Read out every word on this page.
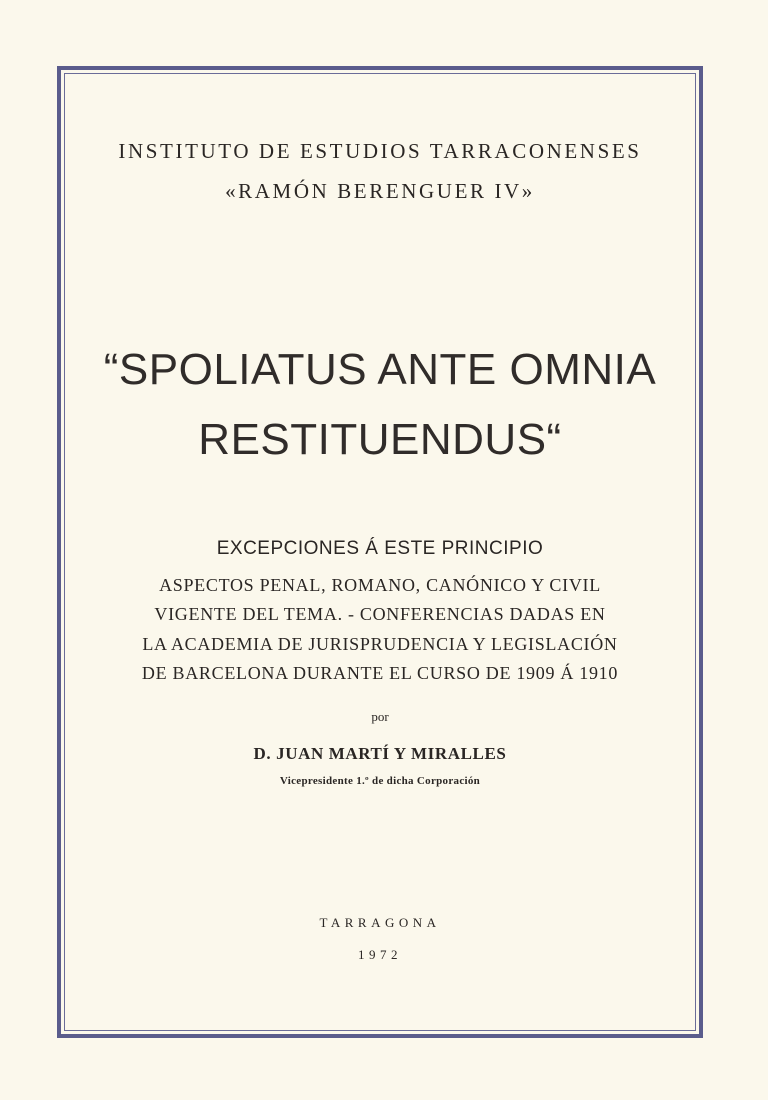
INSTITUTO DE ESTUDIOS TARRACONENSES

«RAMÓN BERENGUER IV»

“SPOLIATUS ANTE OMNIA

RESTITUENDUS“

EXCEPCIONES Á ESTE PRINCIPIO

ASPECTOS PENAL, ROMANO, CANÓNICO Y CIVIL

VIGENTE DEL TEMA. - CONFERENCIAS DADAS EN

LA ACADEMIA DE JURISPRUDENCIA Y LEGISLACIÓN

DE BARCELONA DURANTE EL CURSO DE 1909 Á 1910

por

D. JUAN MARTÍ Y MIRALLES

Vicepresidente 1.º de dicha Corporación

TARRAGONA

1972
